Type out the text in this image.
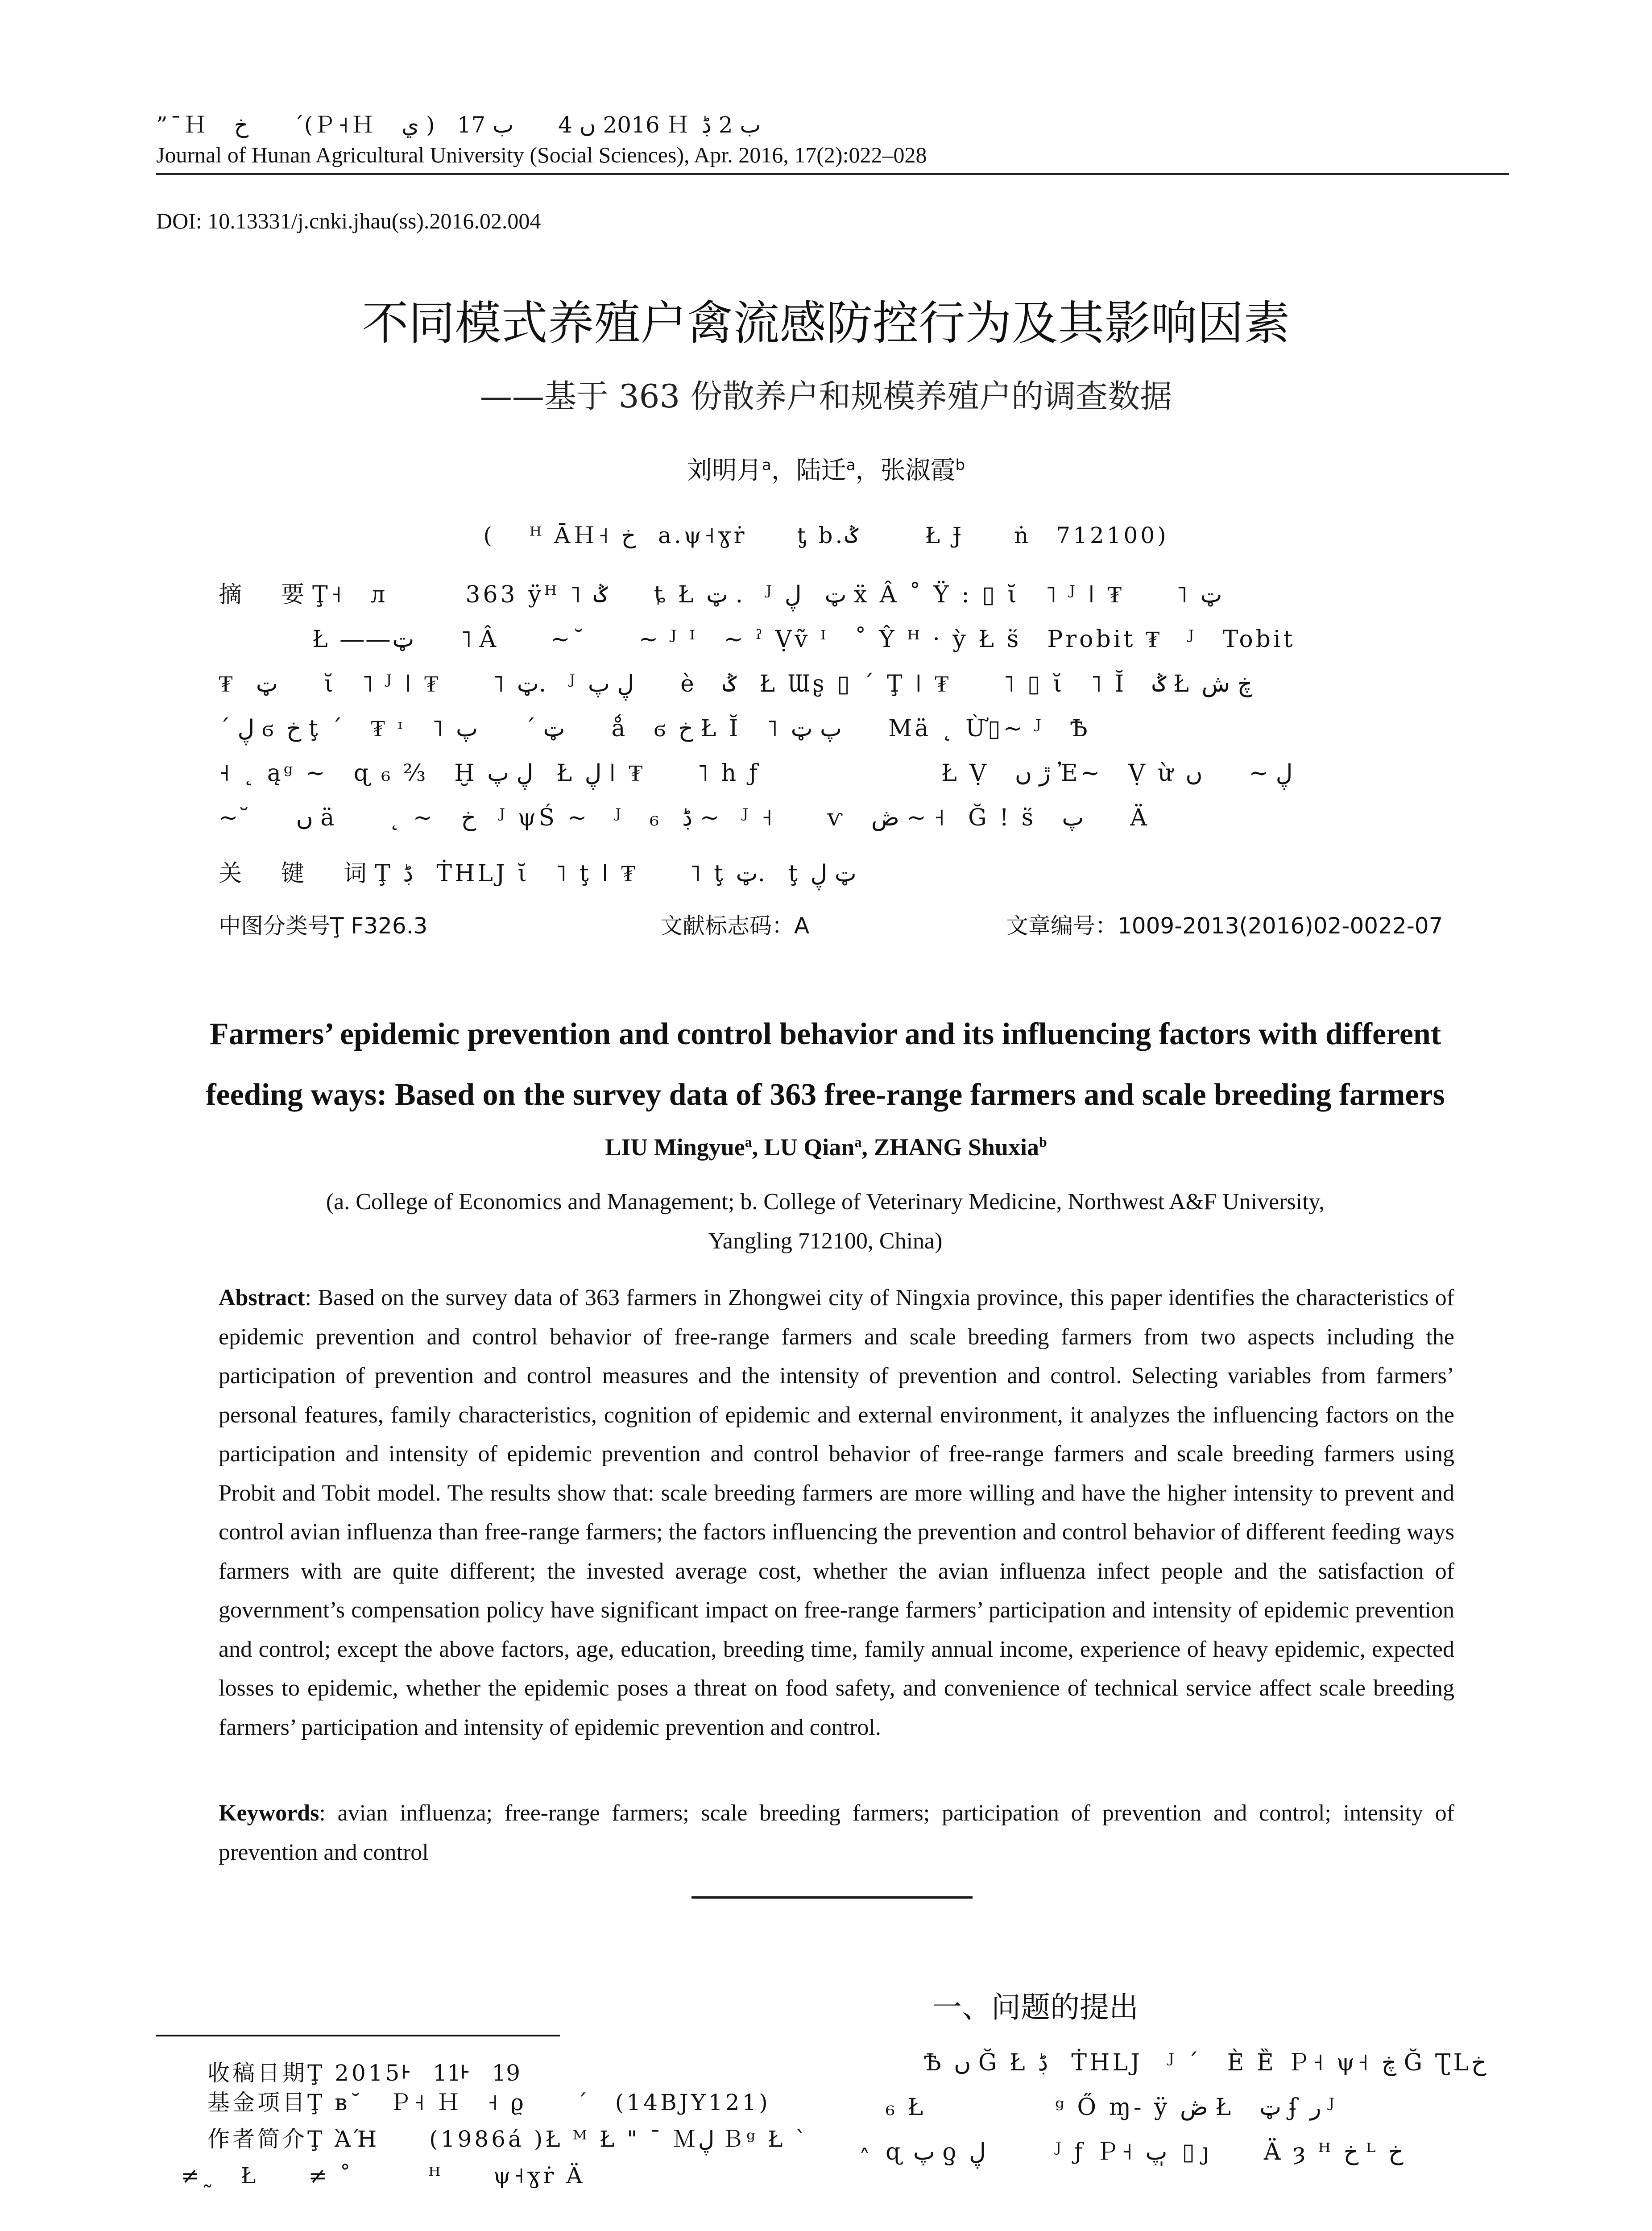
”¯Ｈ　خ　　ˊ(Ｐ˧Ｈ　ي )　2016 ں 4　　ب 17 Ｈ ب 2 ڋ
Journal of Hunan Agricultural University (Social Sciences), Apr. 2016, 17(2):022–028
DOI: 10.13331/j.cnki.jhau(ss).2016.02.004
不同模式养殖户禽流感防控行为及其影响因素
——基于 363 份散养户和规模养殖户的调查数据
刘明月$^a$，陆迁$^a$，张淑霞$^b$
( 　ᴴ ᾹＨ˧ خ　a.ψ˧ɣṙ　　ƫ b.ݣ　　　Ł Ɉ　　ṅ　712100)
摘　要Ţ˧　л　　　363 ӱᴴ ˥ ݣ　　ȶ Ł ټ .　ᴶ ټ　ڸ ẍ Â ˚ Ÿ : ▯ ῐ　˥ ᴶ ǀ ₮　　˥ ټ
Ł ――ټ　　˥ Â　　~˘　　~ ᴶ ᴵ　~ ˀ Ṿṽ ᴵ　˚ Ŷ ᴴ · ỳ Ł ṥ　Probit ₮　ᴶ　Tobit
₮　ټ　　ῐ　˥ ᴶ ǀ ₮　　˥ ټ.　ᴶ ڸ پ　　è　ݣ　Ł Ɯʂ ▯ ˊ Ţ ǀ ₮　　˥ ▯ ῐ　˥ Ĭ　ݣ Ł ڿ ش
ˊ ڸ ϭ خ ţ ˊ　₮ ᶦ　˥ ټ ˊ　　پ　　ǻ　ϭ خ Ł Ĭ　˥ پ ټ　　Mä ˛ Ừ▯~ ᴶ　Ѣ
˧ ˛ ąᵍ ~　ɋ ₆ ⅔　Ḫ ڸ پ　Ł ڸ ǀ ₮　　˥ h ƒ　　　　　　　Ł Ṿ　ڙ ں Ἐ~　Ṿ ừ ڸ ~　　ں
~˘　　ں ä　　˛ ~　خ　ᴶ ψŚ ~　ᴶ　ڋ　₆ ~　ᴶ ˧　　ѵ　ڞ ~ ˧　Ğ ! ṥ　پ　　Ä
关　键　词Ţ ڋ　ṪHLJ ῐ　˥ ţ ǀ ₮　　˥ ţ ټ.　ţ ټ ڸ
中图分类号Ţ F326.3	文献标志码：A	文章编号：1009-2013(2016)02-0022-07
Farmers’ epidemic prevention and control behavior and its influencing factors with different
feeding ways: Based on the survey data of 363 free-range farmers and scale breeding farmers
LIU Mingyue$^a$, LU Qian$^a$, ZHANG Shuxia$^b$
(a. College of Economics and Management; b. College of Veterinary Medicine, Northwest A&F University,
Yangling 712100, China)
Abstract: Based on the survey data of 363 farmers in Zhongwei city of Ningxia province, this paper identifies the characteristics of epidemic prevention and control behavior of free-range farmers and scale breeding farmers from two aspects including the participation of prevention and control measures and the intensity of prevention and control. Selecting variables from farmers’ personal features, family characteristics, cognition of epidemic and external environment, it analyzes the influencing factors on the participation and intensity of epidemic prevention and control behavior of free-range farmers and scale breeding farmers using Probit and Tobit model. The results show that: scale breeding farmers are more willing and have the higher intensity to prevent and control avian influenza than free-range farmers; the factors influencing the prevention and control behavior of different feeding ways farmers with are quite different; the invested average cost, whether the avian influenza infect people and the satisfaction of government’s compensation policy have significant impact on free-range farmers’ participation and intensity of epidemic prevention and control; except the above factors, age, education, breeding time, family annual income, experience of heavy epidemic, expected losses to epidemic, whether the epidemic poses a threat on food safety, and convenience of technical service affect scale breeding farmers’ participation and intensity of epidemic prevention and control.
Keywords: avian influenza; free-range farmers; scale breeding farmers; participation of prevention and control; intensity of prevention and control
收稿日期Ţ 2015ᡰ　11ᡰ　19
基金项目Ţ ʙ˘　Ｐ˧ Ｈ　˧ ϱ　　ˊ　(14BJY121)
作者简介Ţ ᾺΉ　　(1986á )Ł ᴹ Ł " ¯ Ｍڸ Ｂᵍ Ł ˋ　　˰
≠˷　Ł　　≠ ˚　　　ᴴ　　ψ˧ɣṙ Ä
一、问题的提出
Ѣ ں Ğ Ł ڋ　ṪHLJ　ᴶ ˊ　È Ȅ Ｐ˧ ψ˧ ڿ Ğ ƮLخ
₆ Ł　　　　　ᵍ Ő ɱ- ÿ ڞ Ł　ټ ʄ ر ᴶ
ɋ پ ƍ ڸ　　　ᴶ ƒ Ｐ˧ پ ̩ ▯ ȷ　　Ä ȝ ᴴ خ ᴸ خ
